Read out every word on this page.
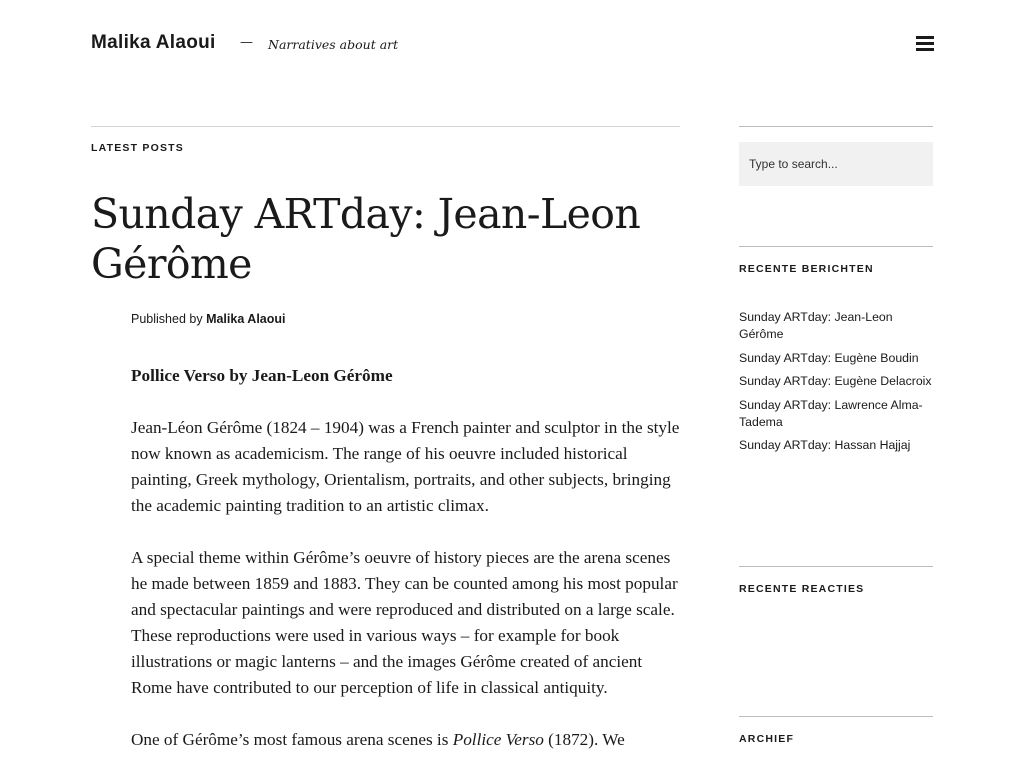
Malika Alaoui — Narratives about art
LATEST POSTS
Sunday ARTday: Jean-Leon Gérôme
Published by Malika Alaoui

Pollice Verso by Jean-Leon Gérôme

Jean-Léon Gérôme (1824 – 1904) was a French painter and sculptor in the style now known as academicism. The range of his oeuvre included historical painting, Greek mythology, Orientalism, portraits, and other subjects, bringing the academic painting tradition to an artistic climax.

A special theme within Gérôme’s oeuvre of history pieces are the arena scenes he made between 1859 and 1883. They can be counted among his most popular and spectacular paintings and were reproduced and distributed on a large scale. These reproductions were used in various ways – for example for book illustrations or magic lanterns – and the images Gérôme created of ancient Rome have contributed to our perception of life in classical antiquity.

One of Gérôme’s most famous arena scenes is Pollice Verso (1872). We

Type to search...
RECENTE BERICHTEN
Sunday ARTday: Jean-Leon Gérôme
Sunday ARTday: Eugène Boudin
Sunday ARTday: Eugène Delacroix
Sunday ARTday: Lawrence Alma-Tadema
Sunday ARTday: Hassan Hajjaj
RECENTE REACTIES
ARCHIEF
